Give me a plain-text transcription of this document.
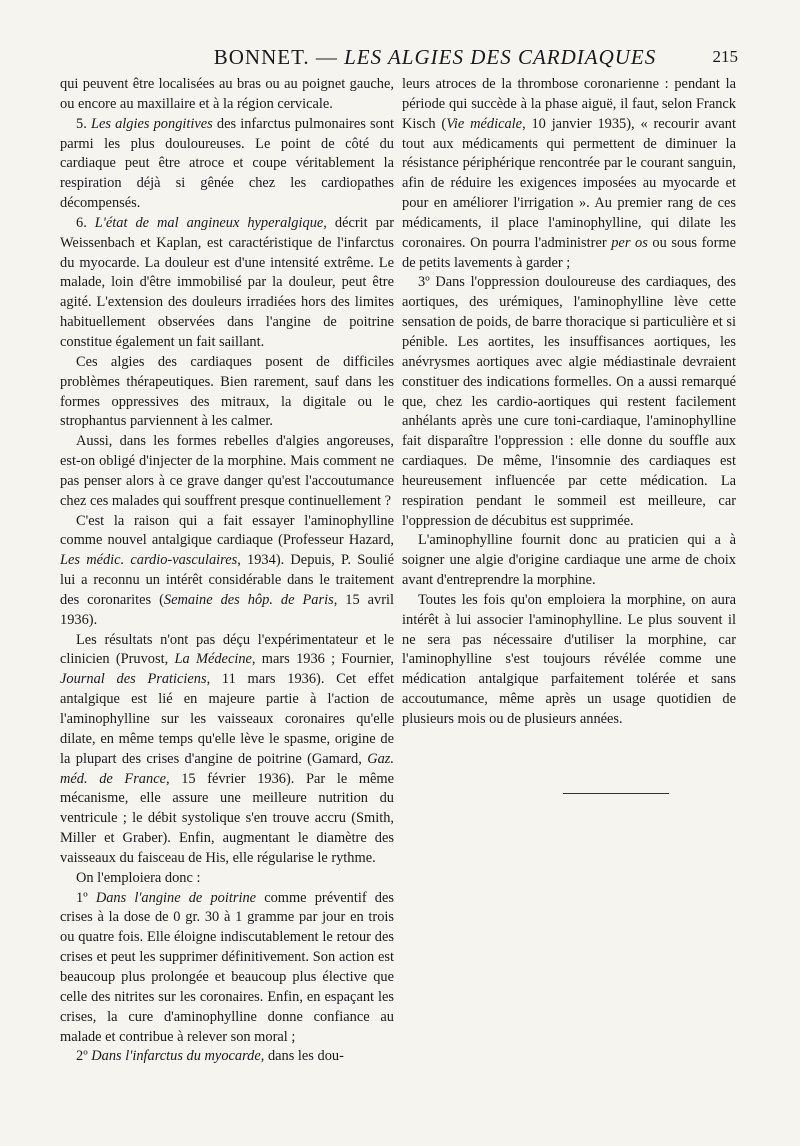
BONNET. — LES ALGIES DES CARDIAQUES	215

qui peuvent être localisées au bras ou au poignet gauche, ou encore au maxillaire et à la région cervicale.

5. Les algies pongitives des infarctus pulmonaires sont parmi les plus douloureuses. Le point de côté du cardiaque peut être atroce et coupe véritablement la respiration déjà si gênée chez les cardiopathes décompensés.

6. L'état de mal angineux hyperalgique, décrit par Weissenbach et Kaplan, est caractéristique de l'infarctus du myocarde. La douleur est d'une intensité extrême. Le malade, loin d'être immobilisé par la douleur, peut être agité. L'extension des douleurs irradiées hors des limites habituellement observées dans l'angine de poitrine constitue également un fait saillant.

Ces algies des cardiaques posent de difficiles problèmes thérapeutiques. Bien rarement, sauf dans les formes oppressives des mitraux, la digitale ou le strophantus parviennent à les calmer.

Aussi, dans les formes rebelles d'algies angoreuses, est-on obligé d'injecter de la morphine. Mais comment ne pas penser alors à ce grave danger qu'est l'accoutumance chez ces malades qui souffrent presque continuellement ?

C'est la raison qui a fait essayer l'aminophylline comme nouvel antalgique cardiaque (Professeur Hazard, Les médic. cardio-vasculaires, 1934). Depuis, P. Soulié lui a reconnu un intérêt considérable dans le traitement des coronarites (Semaine des hôp. de Paris, 15 avril 1936).

Les résultats n'ont pas déçu l'expérimentateur et le clinicien (Pruvost, La Médecine, mars 1936 ; Fournier, Journal des Praticiens, 11 mars 1936). Cet effet antalgique est lié en majeure partie à l'action de l'aminophylline sur les vaisseaux coronaires qu'elle dilate, en même temps qu'elle lève le spasme, origine de la plupart des crises d'angine de poitrine (Gamard, Gaz. méd. de France, 15 février 1936). Par le même mécanisme, elle assure une meilleure nutrition du ventricule ; le débit systolique s'en trouve accru (Smith, Miller et Graber). Enfin, augmentant le diamètre des vaisseaux du faisceau de His, elle régularise le rythme.

On l'emploiera donc :

1º Dans l'angine de poitrine comme préventif des crises à la dose de 0 gr. 30 à 1 gramme par jour en trois ou quatre fois. Elle éloigne indiscutablement le retour des crises et peut les supprimer définitivement. Son action est beaucoup plus prolongée et beaucoup plus élective que celle des nitrites sur les coronaires. Enfin, en espaçant les crises, la cure d'aminophylline donne confiance au malade et contribue à relever son moral ;

2º Dans l'infarctus du myocarde, dans les dou-

leurs atroces de la thrombose coronarienne : pendant la période qui succède à la phase aiguë, il faut, selon Franck Kisch (Vie médicale, 10 janvier 1935), « recourir avant tout aux médicaments qui permettent de diminuer la résistance périphérique rencontrée par le courant sanguin, afin de réduire les exigences imposées au myocarde et pour en améliorer l'irrigation ». Au premier rang de ces médicaments, il place l'aminophylline, qui dilate les coronaires. On pourra l'administrer per os ou sous forme de petits lavements à garder ;

3º Dans l'oppression douloureuse des cardiaques, des aortiques, des urémiques, l'aminophylline lève cette sensation de poids, de barre thoracique si particulière et si pénible. Les aortites, les insuffisances aortiques, les anévrysmes aortiques avec algie médiastinale devraient constituer des indications formelles. On a aussi remarqué que, chez les cardio-aortiques qui restent facilement anhélants après une cure toni-cardiaque, l'aminophylline fait disparaître l'oppression : elle donne du souffle aux cardiaques. De même, l'insomnie des cardiaques est heureusement influencée par cette médication. La respiration pendant le sommeil est meilleure, car l'oppression de décubitus est supprimée.

L'aminophylline fournit donc au praticien qui a à soigner une algie d'origine cardiaque une arme de choix avant d'entreprendre la morphine.

Toutes les fois qu'on emploiera la morphine, on aura intérêt à lui associer l'aminophylline. Le plus souvent il ne sera pas nécessaire d'utiliser la morphine, car l'aminophylline s'est toujours révélée comme une médication antalgique parfaitement tolérée et sans accoutumance, même après un usage quotidien de plusieurs mois ou de plusieurs années.
